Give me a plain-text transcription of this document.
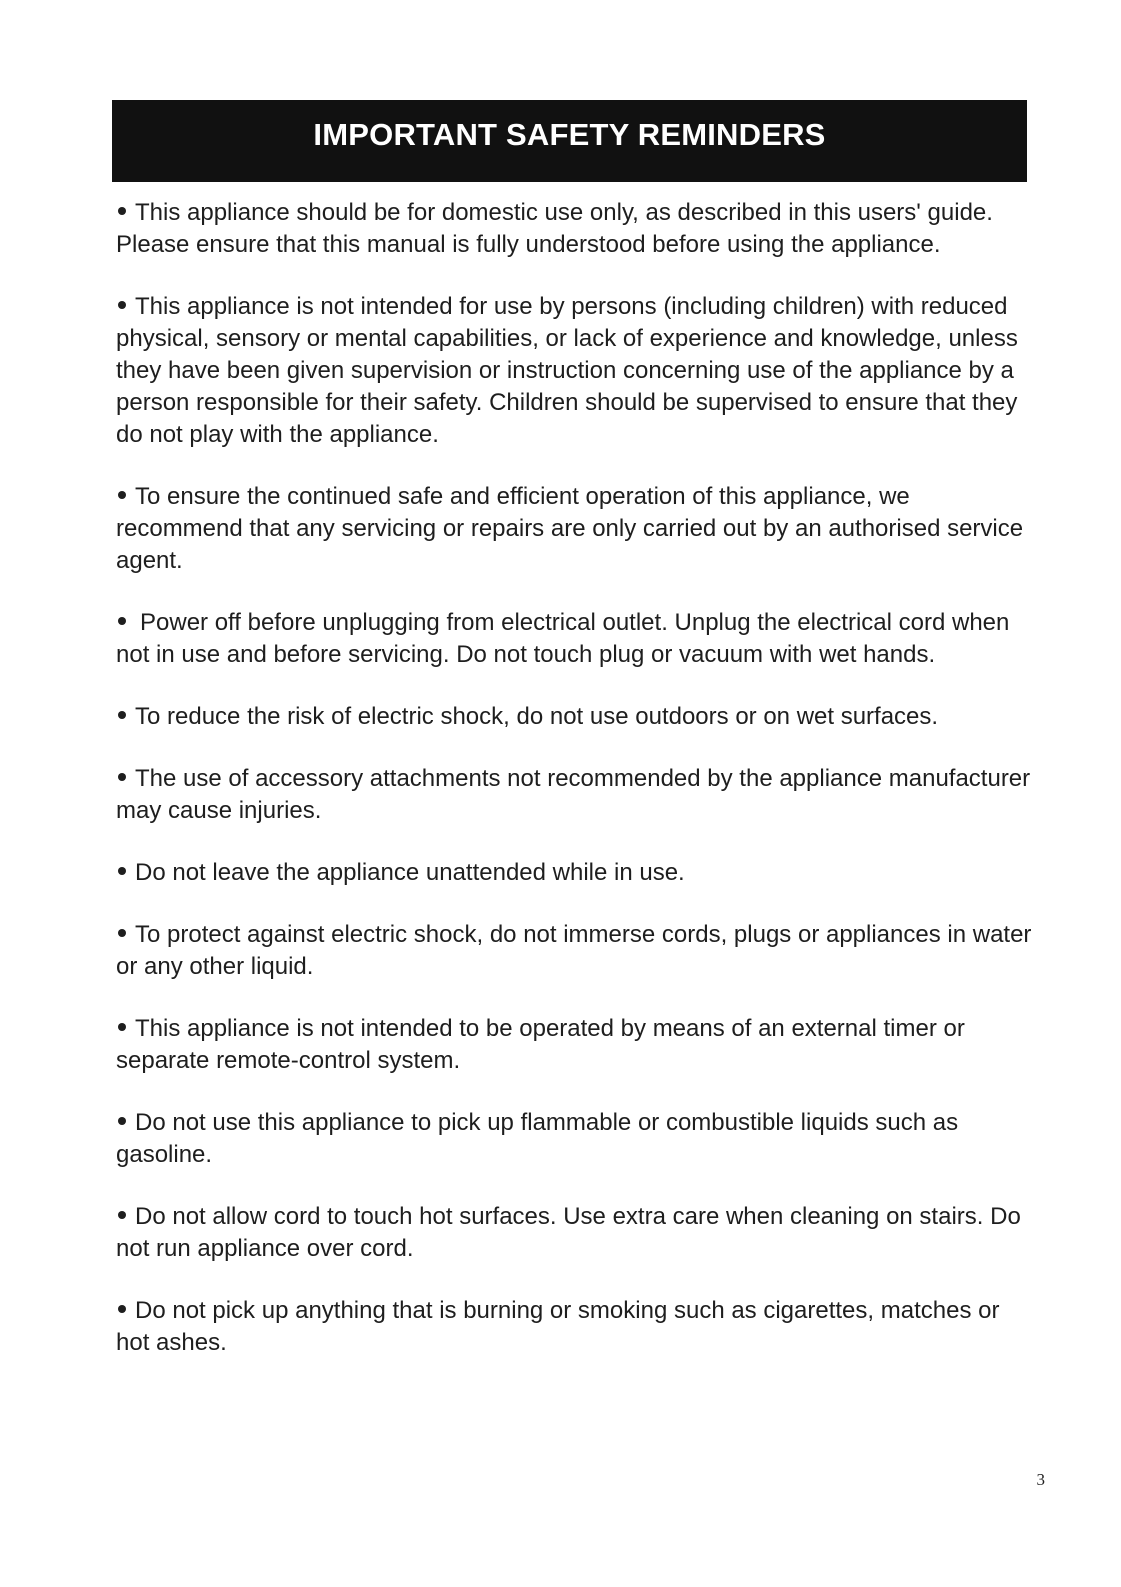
IMPORTANT SAFETY REMINDERS
This appliance should be for domestic use only, as described in this users' guide. Please ensure that this manual is fully understood before using the appliance.
This appliance is not intended for use by persons (including children) with reduced physical, sensory or mental capabilities, or lack of experience and knowledge, unless they have been given supervision or instruction concerning use of the appliance by a person responsible for their safety. Children should be supervised to ensure that they do not play with the appliance.
To ensure the continued safe and efficient operation of this appliance, we recommend that any servicing or repairs are only carried out by an authorised service agent.
Power off before unplugging from electrical outlet. Unplug the electrical cord when not in use and before servicing. Do not touch plug or vacuum with wet hands.
To reduce the risk of electric shock, do not use outdoors or on wet surfaces.
The use of accessory attachments not recommended by the appliance manufacturer may cause injuries.
Do not leave the appliance unattended while in use.
To protect against electric shock, do not immerse cords, plugs or appliances in water or any other liquid.
This appliance is not intended to be operated by means of an external timer or separate remote-control system.
Do not use this appliance to pick up flammable or combustible liquids such as gasoline.
Do not allow cord to touch hot surfaces. Use extra care when cleaning on stairs. Do not run appliance over cord.
Do not pick up anything that is burning or smoking such as cigarettes, matches or hot ashes.
3
